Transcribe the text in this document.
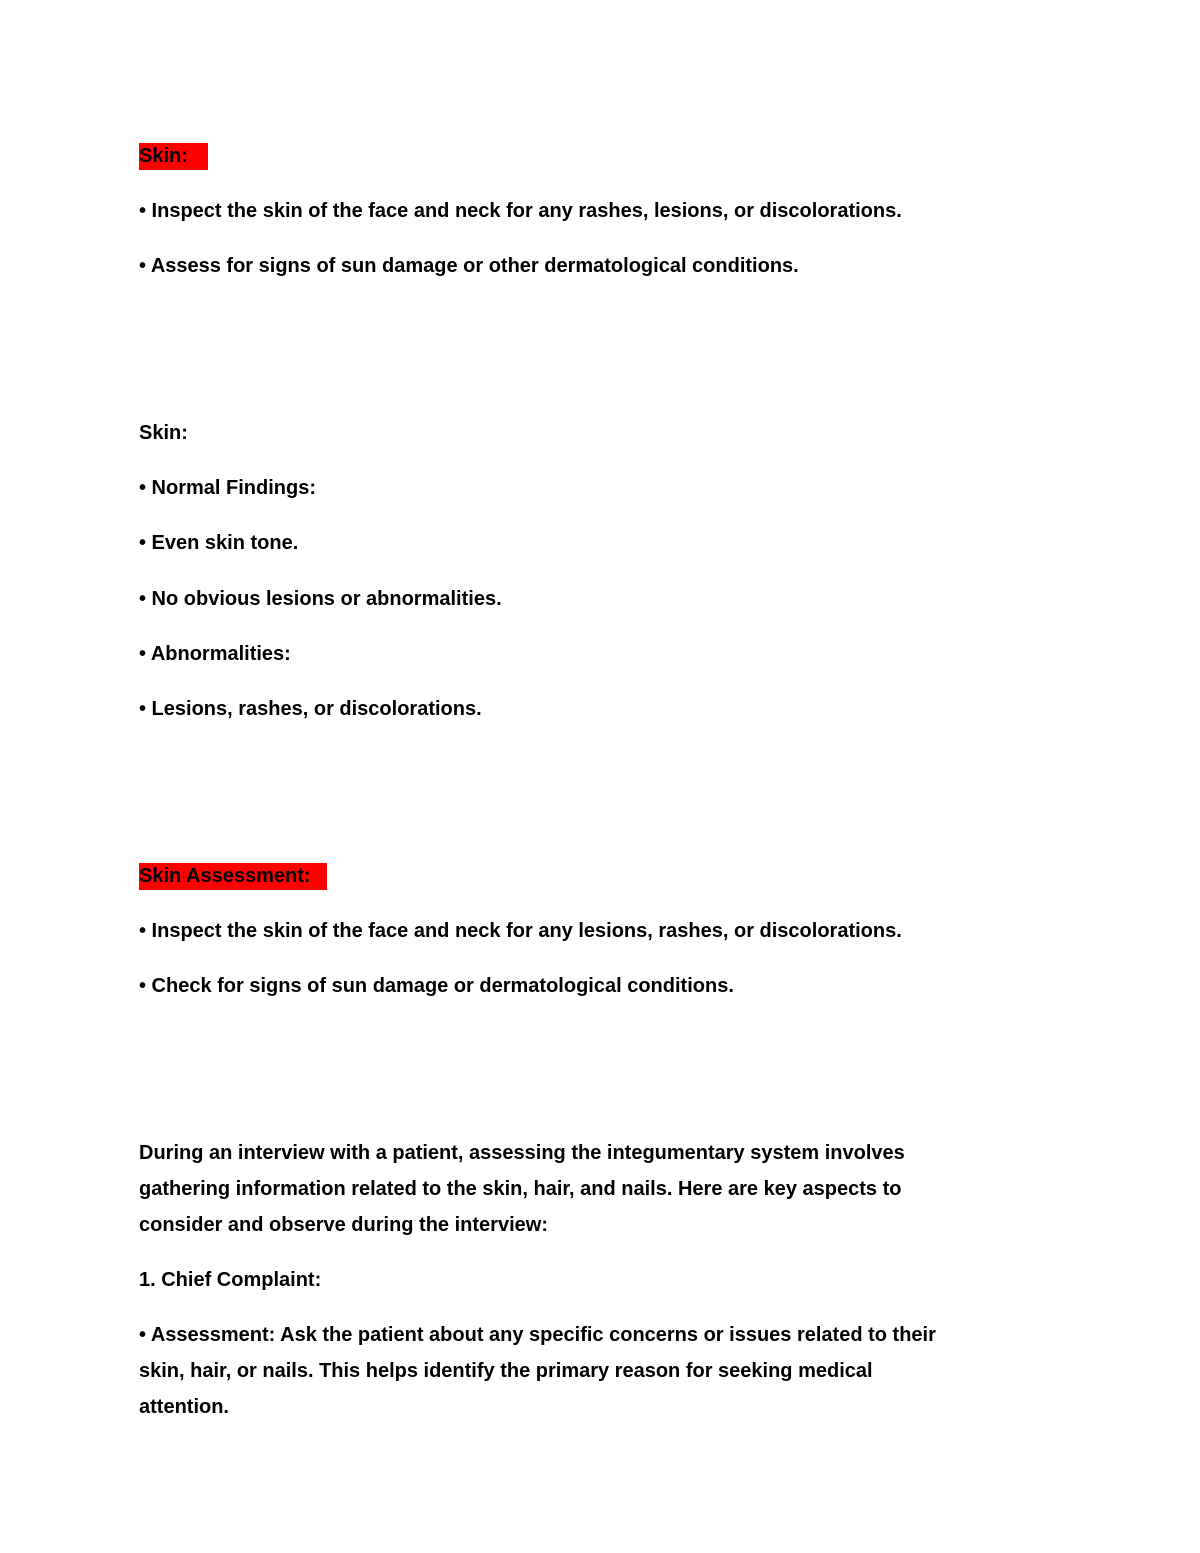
Skin:
• Inspect the skin of the face and neck for any rashes, lesions, or discolorations.
• Assess for signs of sun damage or other dermatological conditions.
Skin:
• Normal Findings:
• Even skin tone.
• No obvious lesions or abnormalities.
• Abnormalities:
• Lesions, rashes, or discolorations.
Skin Assessment:
• Inspect the skin of the face and neck for any lesions, rashes, or discolorations.
• Check for signs of sun damage or dermatological conditions.
During an interview with a patient, assessing the integumentary system involves
gathering information related to the skin, hair, and nails. Here are key aspects to
consider and observe during the interview:
1. Chief Complaint:
• Assessment: Ask the patient about any specific concerns or issues related to their
skin, hair, or nails. This helps identify the primary reason for seeking medical
attention.
